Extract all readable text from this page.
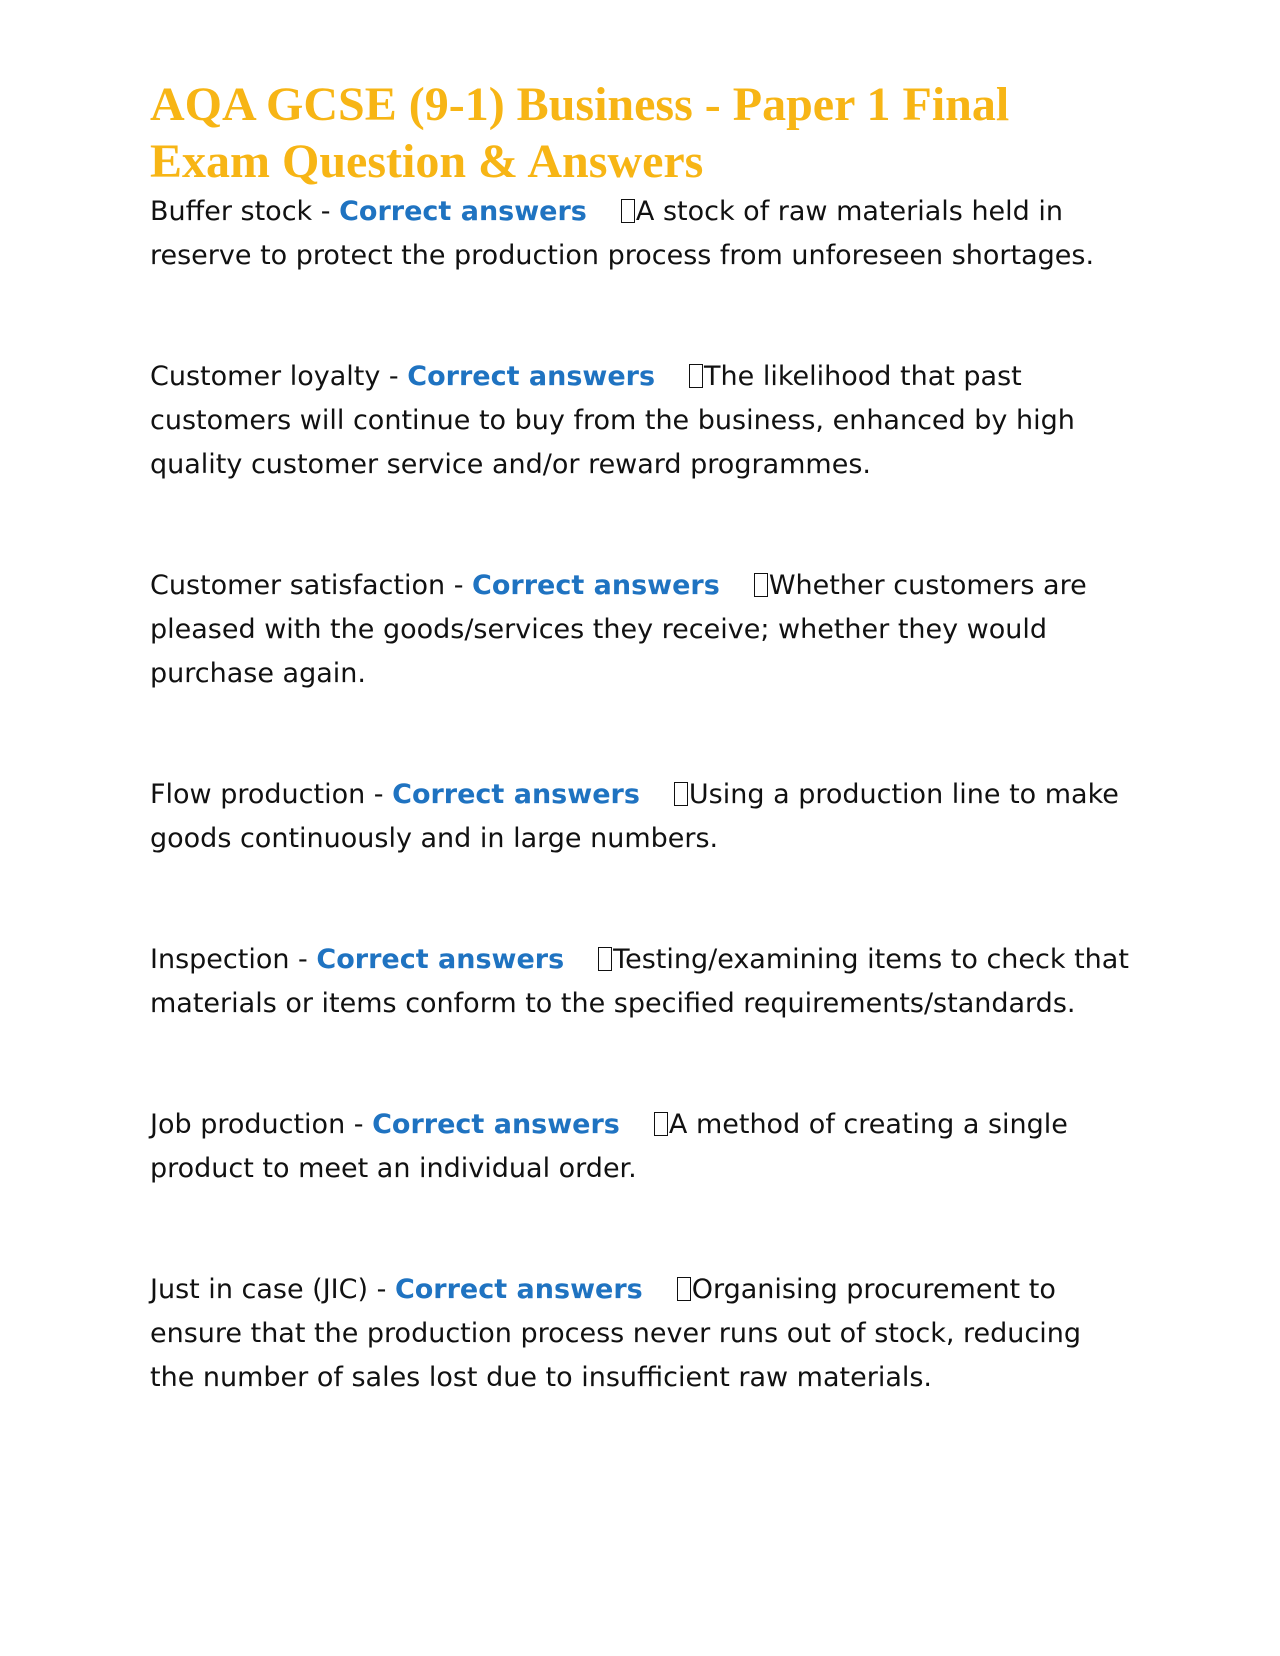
AQA GCSE (9-1) Business - Paper 1 Final Exam Question & Answers

Buffer stock - Correct answers A stock of raw materials held in reserve to protect the production process from unforeseen shortages.

Customer loyalty - Correct answers The likelihood that past customers will continue to buy from the business, enhanced by high quality customer service and/or reward programmes.

Customer satisfaction - Correct answers Whether customers are pleased with the goods/services they receive; whether they would purchase again.

Flow production - Correct answers Using a production line to make goods continuously and in large numbers.

Inspection - Correct answers Testing/examining items to check that materials or items conform to the specified requirements/standards.

Job production - Correct answers A method of creating a single product to meet an individual order.

Just in case (JIC) - Correct answers Organising procurement to ensure that the production process never runs out of stock, reducing the number of sales lost due to insufficient raw materials.
